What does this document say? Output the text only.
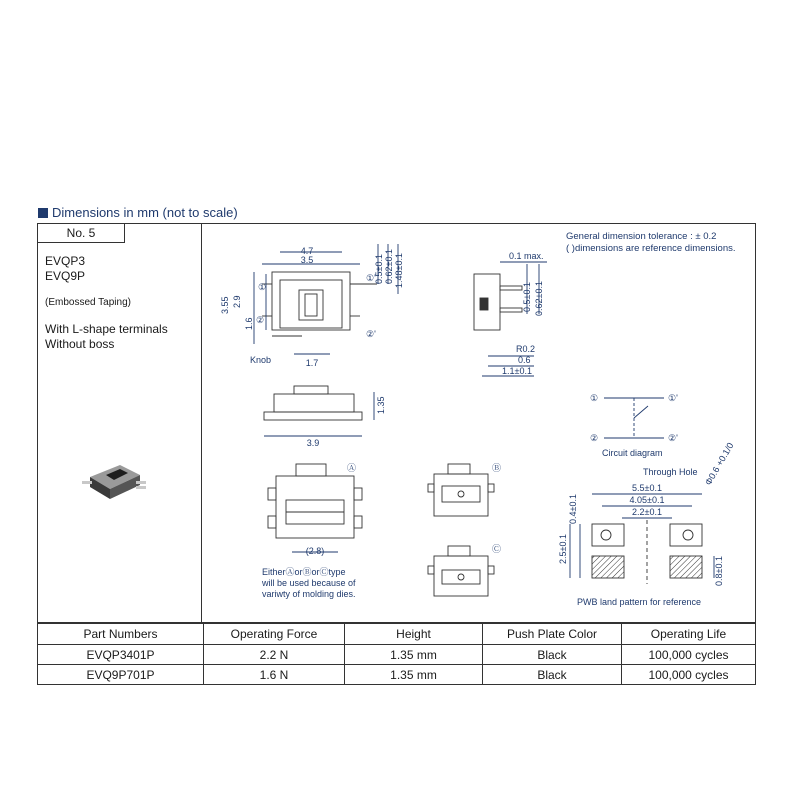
Dimensions in mm (not to scale)
No. 5
EVQP3
EVQ9P
(Embossed Taping)
With L-shape terminals
Without boss
General dimension tolerance : ± 0.2
( )dimensions are reference dimensions.
4.7
3.5
3.55 2.9
1.6
1.7
0.5±0.1 0.62±0.1 1.48±0.1
①
①'
②
②'
Knob
0.1 max.
0.5±0.1 0.62±0.1
R0.2
0.6
1.1±0.1
1.35
3.9
Ⓐ
(2.8)
Ⓑ
Ⓒ
EitherⒶorⒷorⒸtype
will be used because of
variwty of molding dies.
①	①'
②	②'
Circuit diagram
Through Hole
5.5±0.1
4.05±0.1
2.2±0.1
0.4±0.1
2.5±0.1
0.8±0.1
Φ0.6 +0.1/0
PWB land pattern for reference
Part Numbers	Operating Force	Height	Push Plate Color	Operating Life
EVQP3401P	2.2 N	1.35 mm	Black	100,000 cycles
EVQ9P701P	1.6 N	1.35 mm	Black	100,000 cycles
